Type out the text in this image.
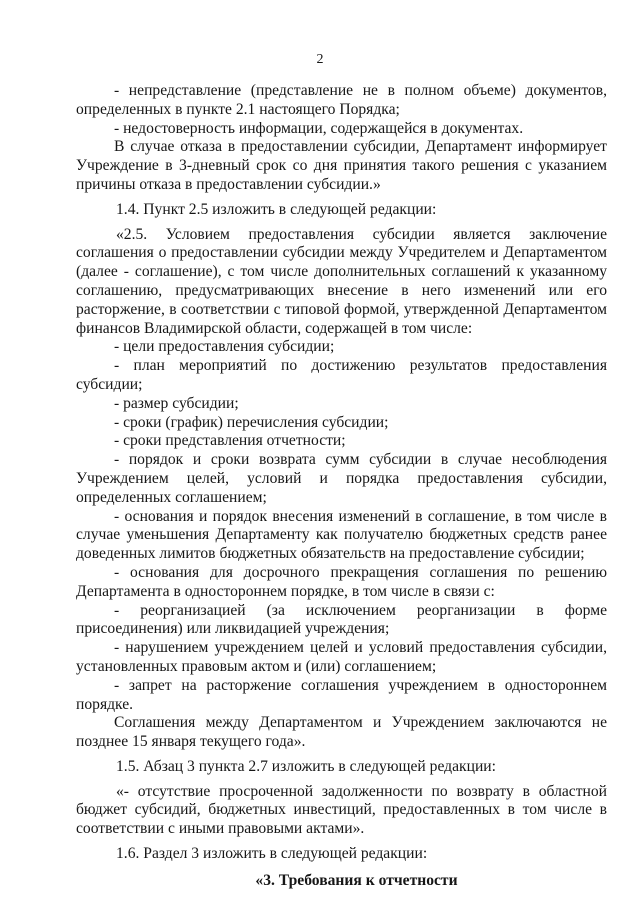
2

- непредставление (представление не в полном объеме) документов, определенных в пункте 2.1 настоящего Порядка;

- недостоверность информации, содержащейся в документах.

В случае отказа в предоставлении субсидии, Департамент информирует Учреждение в 3-дневный срок со дня принятия такого решения с указанием причины отказа в предоставлении субсидии.»

1.4. Пункт 2.5 изложить в следующей редакции:

«2.5. Условием предоставления субсидии является заключение соглашения о предоставлении субсидии между Учредителем и Департаментом (далее - соглашение), с том числе дополнительных соглашений к указанному соглашению, предусматривающих внесение в него изменений или его расторжение, в соответствии с типовой формой, утвержденной Департаментом финансов Владимирской области, содержащей в том числе:

- цели предоставления субсидии;

- план мероприятий по достижению результатов предоставления субсидии;

- размер субсидии;

- сроки (график) перечисления субсидии;

- сроки представления отчетности;

- порядок и сроки возврата сумм субсидии в случае несоблюдения Учреждением целей, условий и порядка предоставления субсидии, определенных соглашением;

- основания и порядок внесения изменений в соглашение, в том числе в случае уменьшения Департаменту как получателю бюджетных средств ранее доведенных лимитов бюджетных обязательств на предоставление субсидии;

- основания для досрочного прекращения соглашения по решению Департамента в одностороннем порядке, в том числе в связи с:

- реорганизацией (за исключением реорганизации в форме присоединения) или ликвидацией учреждения;

- нарушением учреждением целей и условий предоставления субсидии, установленных правовым актом и (или) соглашением;

- запрет на расторжение соглашения учреждением в одностороннем порядке.

Соглашения между Департаментом и Учреждением заключаются не позднее 15 января текущего года».

1.5. Абзац 3 пункта 2.7 изложить в следующей редакции:

«- отсутствие просроченной задолженности по возврату в областной бюджет субсидий, бюджетных инвестиций, предоставленных в том числе в соответствии с иными правовыми актами».

1.6. Раздел 3 изложить в следующей редакции:

«3. Требования к отчетности
